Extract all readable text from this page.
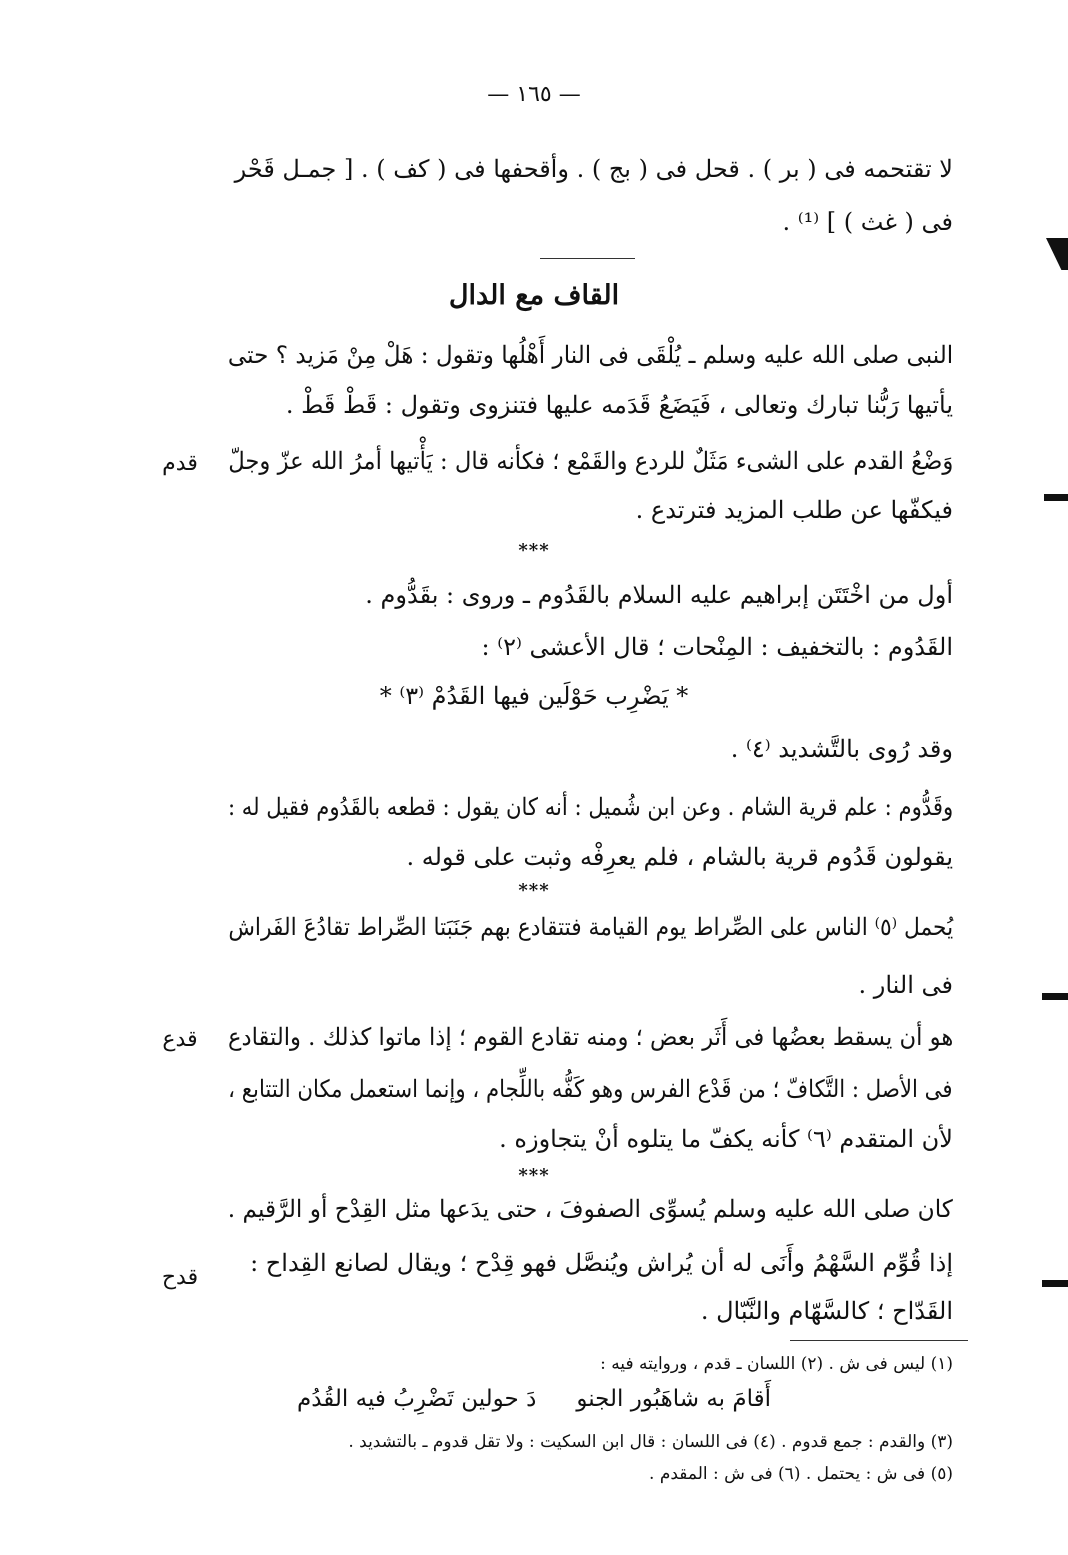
— ١٦٥ —
لا تقتحمه فى ( بر ) . قحل فى ( بج ) . وأقحفها فى ( كف ) . [ جمـل قَحْر
فى ( غث ) ] ⁽¹⁾ .
القاف مع الدال
النبى صلى الله عليه وسلم ـ يُلْقَى فى النار أَهْلُها وتقول : هَلْ مِنْ مَزيد ؟ حتى
يأتيها رَبُّنا تبارك وتعالى ، فَيَضَعُ قَدَمه عليها فتنزوى وتقول : قَطْ قَطْ .
وَضْعُ القدم على الشىء مَثَلٌ للردع والقَمْع ؛ فكأنه قال : يَأْتيها أمرُ الله عزّ وجلّ
قدم
فيكفّها عن طلب المزيد فترتدع .
***
أول من اخْتَتَن إبراهيم عليه السلام بالقَدُوم ـ وروى : بقَدُّوم .
القَدُوم : بالتخفيف : المِنْحات ؛ قال الأعشى ⁽٢⁾ :
* يَضْرِب حَوْلَين فيها القَدُمْ ⁽٣⁾ *
وقد رُوى بالتَّشديد ⁽٤⁾ .
وقَدُّوم : علم قرية الشام . وعن ابن شُميل : أنه كان يقول : قطعه بالقَدُوم فقيل له :
يقولون قَدُوم قرية بالشام ، فلم يعرِفْه وثبت على قوله .
***
يُحمل ⁽٥⁾ الناس على الصِّراط يوم القيامة فتتقادع بهم جَنَبَتا الصِّراط تقادُعَ الفَراش
فى النار .
هو أن يسقط بعضُها فى أَثَر بعض ؛ ومنه تقادع القوم ؛ إذا ماتوا كذلك . والتقادع
قدع
فى الأصل : التَّكافّ ؛ من قَدْع الفرس وهو كَفُّه باللِّجام ، وإنما استعمل مكان التتابع ،
لأن المتقدم ⁽٦⁾ كأنه يكفّ ما يتلوه أنْ يتجاوزه .
***
كان صلى الله عليه وسلم يُسوِّى الصفوفَ ، حتى يدَعها مثل القِدْح أو الرَّقيم .
إذا قُوِّم السَّهْمُ وأَنَى له أن يُراش ويُنصَّل فهو قِدْح ؛ ويقال لصانع القِداح :
قدح
القَدّاح ؛ كالسَّهّام والنَّبّال .
(١) ليس فى ش . (٢) اللسان ـ قدم ، وروايته فيه :
أَقامَ به شاهَبُور الجنودَ حولين تَضْرِبُ فيه القُدُم
(٣) والقدم : جمع قدوم . (٤) فى اللسان : قال ابن السكيت : ولا تقل قدوم ـ بالتشديد .
(٥) فى ش : يحتمل . (٦) فى ش : المقدم .
